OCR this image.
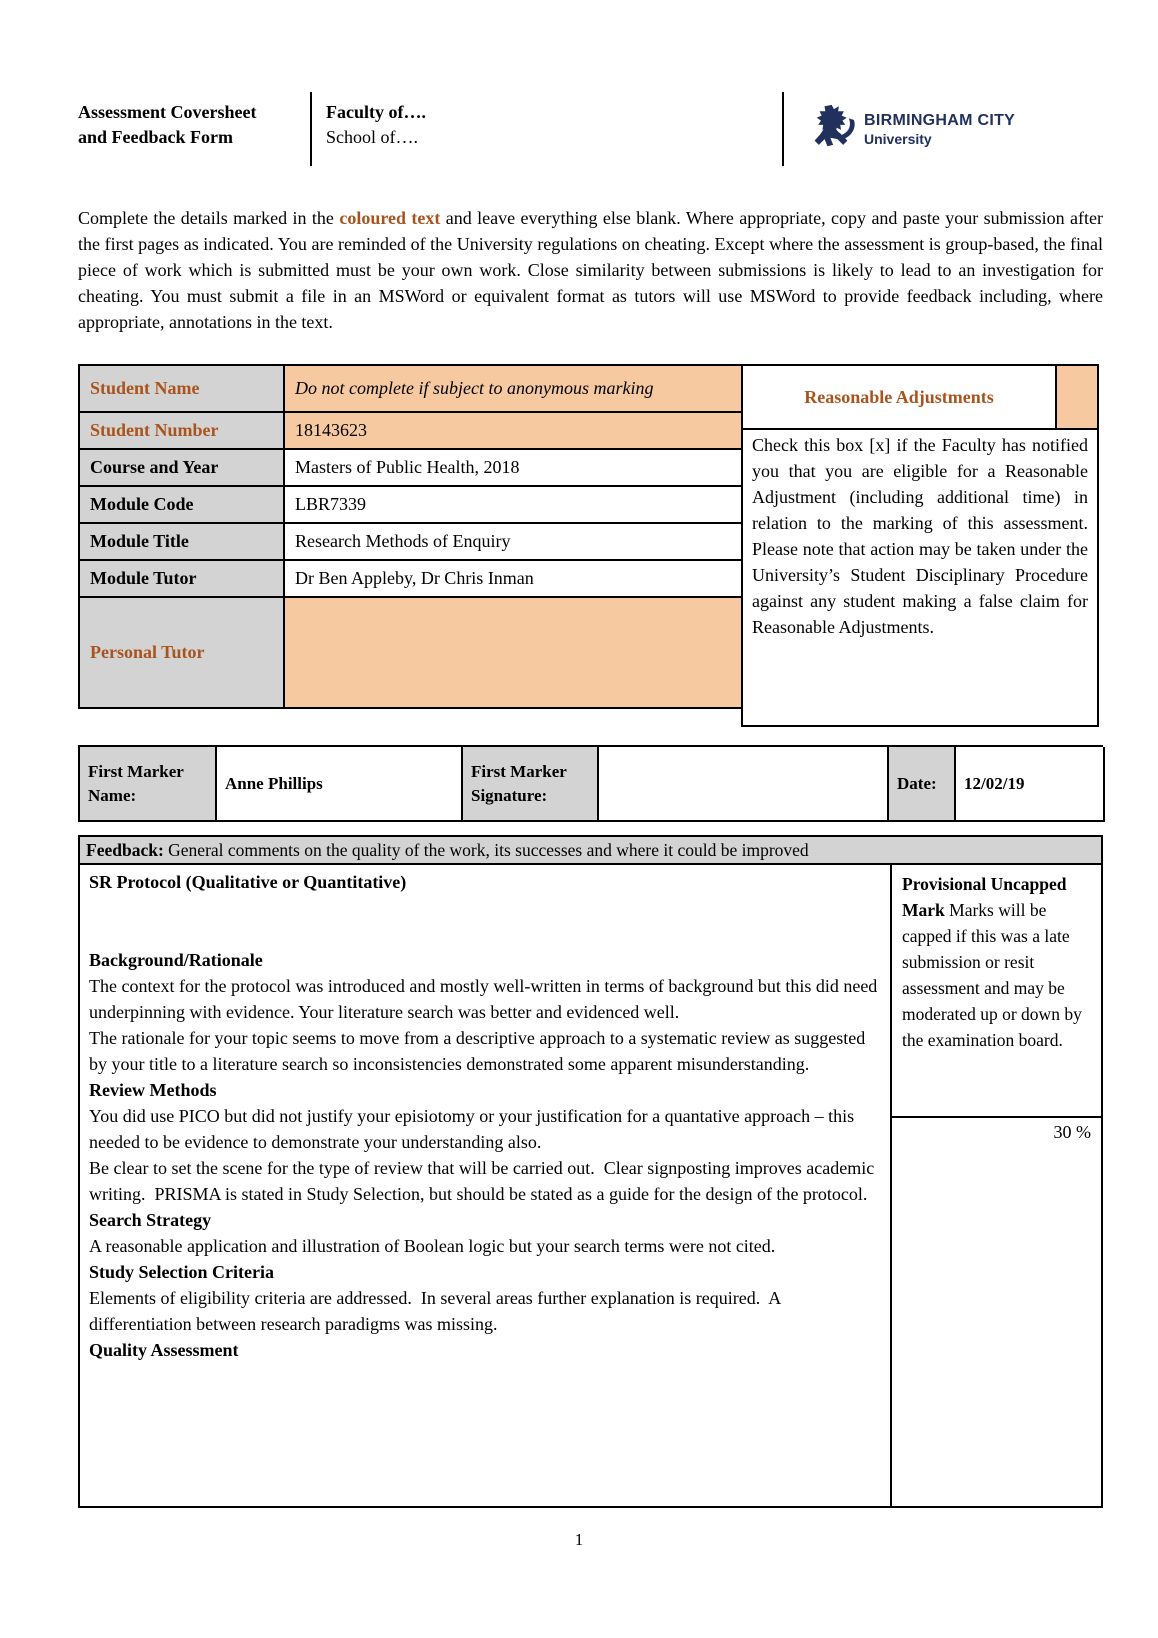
Assessment Coversheet
and Feedback Form
Faculty of….
School of….
BIRMINGHAM CITY
University
Complete the details marked in the coloured text and leave everything else blank. Where appropriate, copy and paste your submission after the first pages as indicated. You are reminded of the University regulations on cheating. Except where the assessment is group-based, the final piece of work which is submitted must be your own work. Close similarity between submissions is likely to lead to an investigation for cheating. You must submit a file in an MSWord or equivalent format as tutors will use MSWord to provide feedback including, where appropriate, annotations in the text.
Student Name	Do not complete if subject to anonymous marking
Student Number	18143623
Course and Year	Masters of Public Health, 2018
Module Code	LBR7339
Module Title	Research Methods of Enquiry
Module Tutor	Dr Ben Appleby, Dr Chris Inman
Personal Tutor
Reasonable Adjustments
Check this box [x] if the Faculty has notified you that you are eligible for a Reasonable Adjustment (including additional time) in relation to the marking of this assessment. Please note that action may be taken under the University’s Student Disciplinary Procedure against any student making a false claim for Reasonable Adjustments.
First Marker Name:
Anne Phillips
First Marker Signature:
Date:	12/02/19
Feedback: General comments on the quality of the work, its successes and where it could be improved

SR Protocol (Qualitative or Quantitative)

Background/Rationale

The context for the protocol was introduced and mostly well-written in terms of background but this did need underpinning with evidence. Your literature search was better and evidenced well.

The rationale for your topic seems to move from a descriptive approach to a systematic review as suggested by your title to a literature search so inconsistencies demonstrated some apparent misunderstanding.

Review Methods

You did use PICO but did not justify your episiotomy or your justification for a quantative approach – this needed to be evidence to demonstrate your understanding also.

Be clear to set the scene for the type of review that will be carried out.  Clear signposting improves academic writing.  PRISMA is stated in Study Selection, but should be stated as a guide for the design of the protocol.

Search Strategy

A reasonable application and illustration of Boolean logic but your search terms were not cited.

Study Selection Criteria

Elements of eligibility criteria are addressed.  In several areas further explanation is required.  A differentiation between research paradigms was missing.

Quality Assessment

Provisional Uncapped Mark Marks will be capped if this was a late submission or resit assessment and may be moderated up or down by the examination board.
30 %
1
